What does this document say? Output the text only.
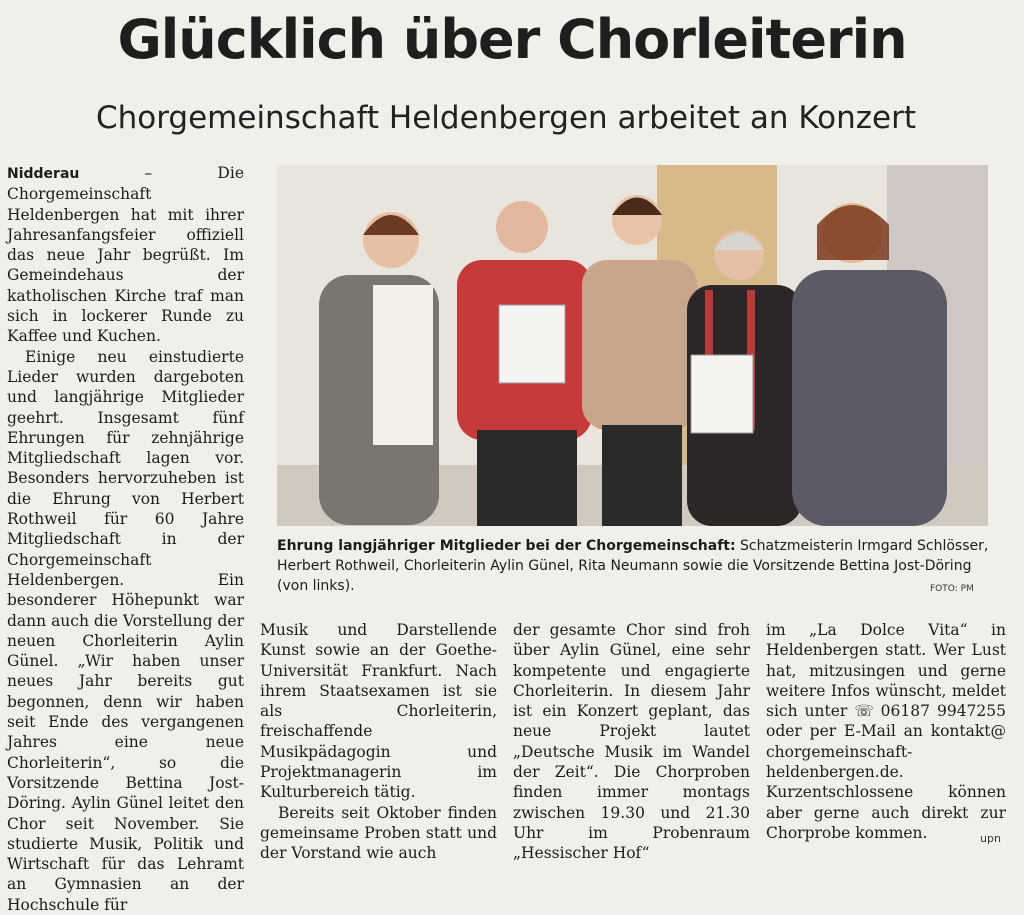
Glücklich über Chorleiterin
Chorgemeinschaft Heldenbergen arbeitet an Konzert

Nidderau – Die Chorgemeinschaft Heldenbergen hat mit ihrer Jahresanfangsfeier offiziell das neue Jahr begrüßt. Im Gemeindehaus der katholischen Kirche traf man sich in lockerer Runde zu Kaffee und Kuchen.

Einige neu einstudierte Lieder wurden dargeboten und langjährige Mitglieder geehrt. Insgesamt fünf Ehrungen für zehnjährige Mitgliedschaft lagen vor. Besonders hervorzuheben ist die Ehrung von Herbert Rothweil für 60 Jahre Mitgliedschaft in der Chorgemeinschaft Heldenbergen. Ein besonderer Höhepunkt war dann auch die Vorstellung der neuen Chorleiterin Aylin Günel. „Wir haben unser neues Jahr bereits gut begonnen, denn wir haben seit Ende des vergangenen Jahres eine neue Chorleiterin“, so die Vorsitzende Bettina Jost-Döring. Aylin Günel leitet den Chor seit November. Sie studierte Musik, Politik und Wirtschaft für das Lehramt an Gymnasien an der Hochschule für

Ehrung langjähriger Mitglieder bei der Chorgemeinschaft: Schatzmeisterin Irmgard Schlösser, Herbert Rothweil, Chorleiterin Aylin Günel, Rita Neumann sowie die Vorsitzende Bettina Jost-Döring (von links).	FOTO: PM

Musik und Darstellende Kunst sowie an der Goethe-Universität Frankfurt. Nach ihrem Staatsexamen ist sie als Chorleiterin, freischaffende Musikpädagogin und Projektmanagerin im Kulturbereich tätig.

Bereits seit Oktober finden gemeinsame Proben statt und der Vorstand wie auch

der gesamte Chor sind froh über Aylin Günel, eine sehr kompetente und engagierte Chorleiterin. In diesem Jahr ist ein Konzert geplant, das neue Projekt lautet „Deutsche Musik im Wandel der Zeit“. Die Chorproben finden immer montags zwischen 19.30 und 21.30 Uhr im Probenraum „Hessischer Hof“

im „La Dolce Vita“ in Heldenbergen statt. Wer Lust hat, mitzusingen und gerne weitere Infos wünscht, meldet sich unter ☏ 06187 9947255 oder per E-Mail an kontakt@ chorgemeinschaft-heldenbergen.de. Kurzentschlossene können aber gerne auch direkt zur Chorprobe kommen.	upn
